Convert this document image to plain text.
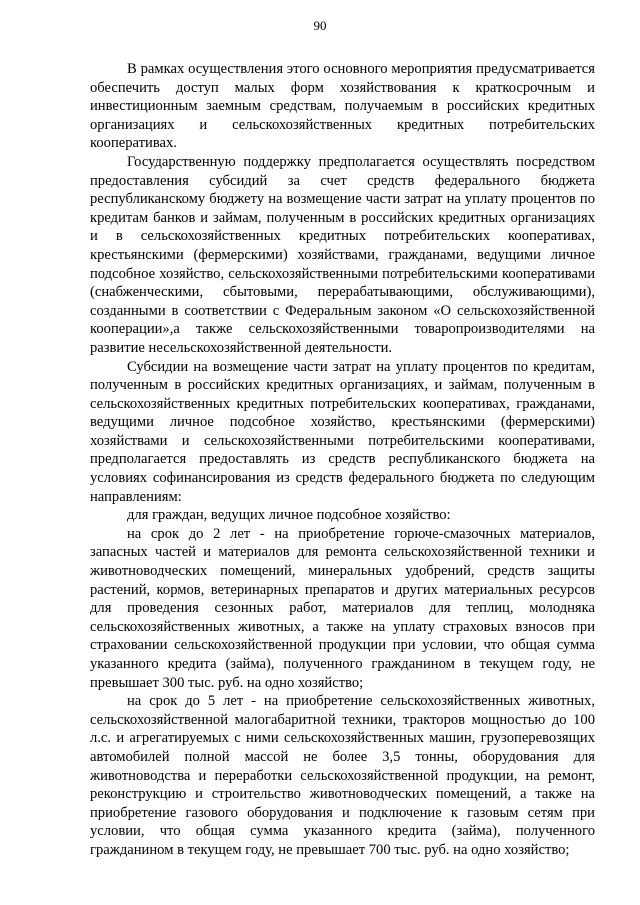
90

В рамках осуществления этого основного мероприятия предусматривается обеспечить доступ малых форм хозяйствования к краткосрочным и инвестиционным заемным средствам, получаемым в российских кредитных организациях и сельскохозяйственных кредитных потребительских кооперативах.

Государственную поддержку предполагается осуществлять посредством предоставления субсидий за счет средств федерального бюджета республиканскому бюджету на возмещение части затрат на уплату процентов по кредитам банков и займам, полученным в российских кредитных организациях и в сельскохозяйственных кредитных потребительских кооперативах, крестьянскими (фермерскими) хозяйствами, гражданами, ведущими личное подсобное хозяйство, сельскохозяйственными потребительскими кооперативами (снабженческими, сбытовыми, перерабатывающими, обслуживающими), созданными в соответствии с Федеральным законом «О сельскохозяйственной кооперации»,а также сельскохозяйственными товаропроизводителями на развитие несельскохозяйственной деятельности.

Субсидии на возмещение части затрат на уплату процентов по кредитам, полученным в российских кредитных организациях, и займам, полученным в сельскохозяйственных кредитных потребительских кооперативах, гражданами, ведущими личное подсобное хозяйство, крестьянскими (фермерскими) хозяйствами и сельскохозяйственными потребительскими кооперативами, предполагается предоставлять из средств республиканского бюджета на условиях софинансирования из средств федерального бюджета по следующим направлениям:

для граждан, ведущих личное подсобное хозяйство:

на срок до 2 лет - на приобретение горюче-смазочных материалов, запасных частей и материалов для ремонта сельскохозяйственной техники и животноводческих помещений, минеральных удобрений, средств защиты растений, кормов, ветеринарных препаратов и других материальных ресурсов для проведения сезонных работ, материалов для теплиц, молодняка сельскохозяйственных животных, а также на уплату страховых взносов при страховании сельскохозяйственной продукции при условии, что общая сумма указанного кредита (займа), полученного гражданином в текущем году, не превышает 300 тыс. руб. на одно хозяйство;

на срок до 5 лет - на приобретение сельскохозяйственных животных, сельскохозяйственной малогабаритной техники, тракторов мощностью до 100 л.с. и агрегатируемых с ними сельскохозяйственных машин, грузоперевозящих автомобилей полной массой не более 3,5 тонны, оборудования для животноводства и переработки сельскохозяйственной продукции, на ремонт, реконструкцию и строительство животноводческих помещений, а также на приобретение газового оборудования и подключение к газовым сетям при условии, что общая сумма указанного кредита (займа), полученного гражданином в текущем году, не превышает 700 тыс. руб. на одно хозяйство;
